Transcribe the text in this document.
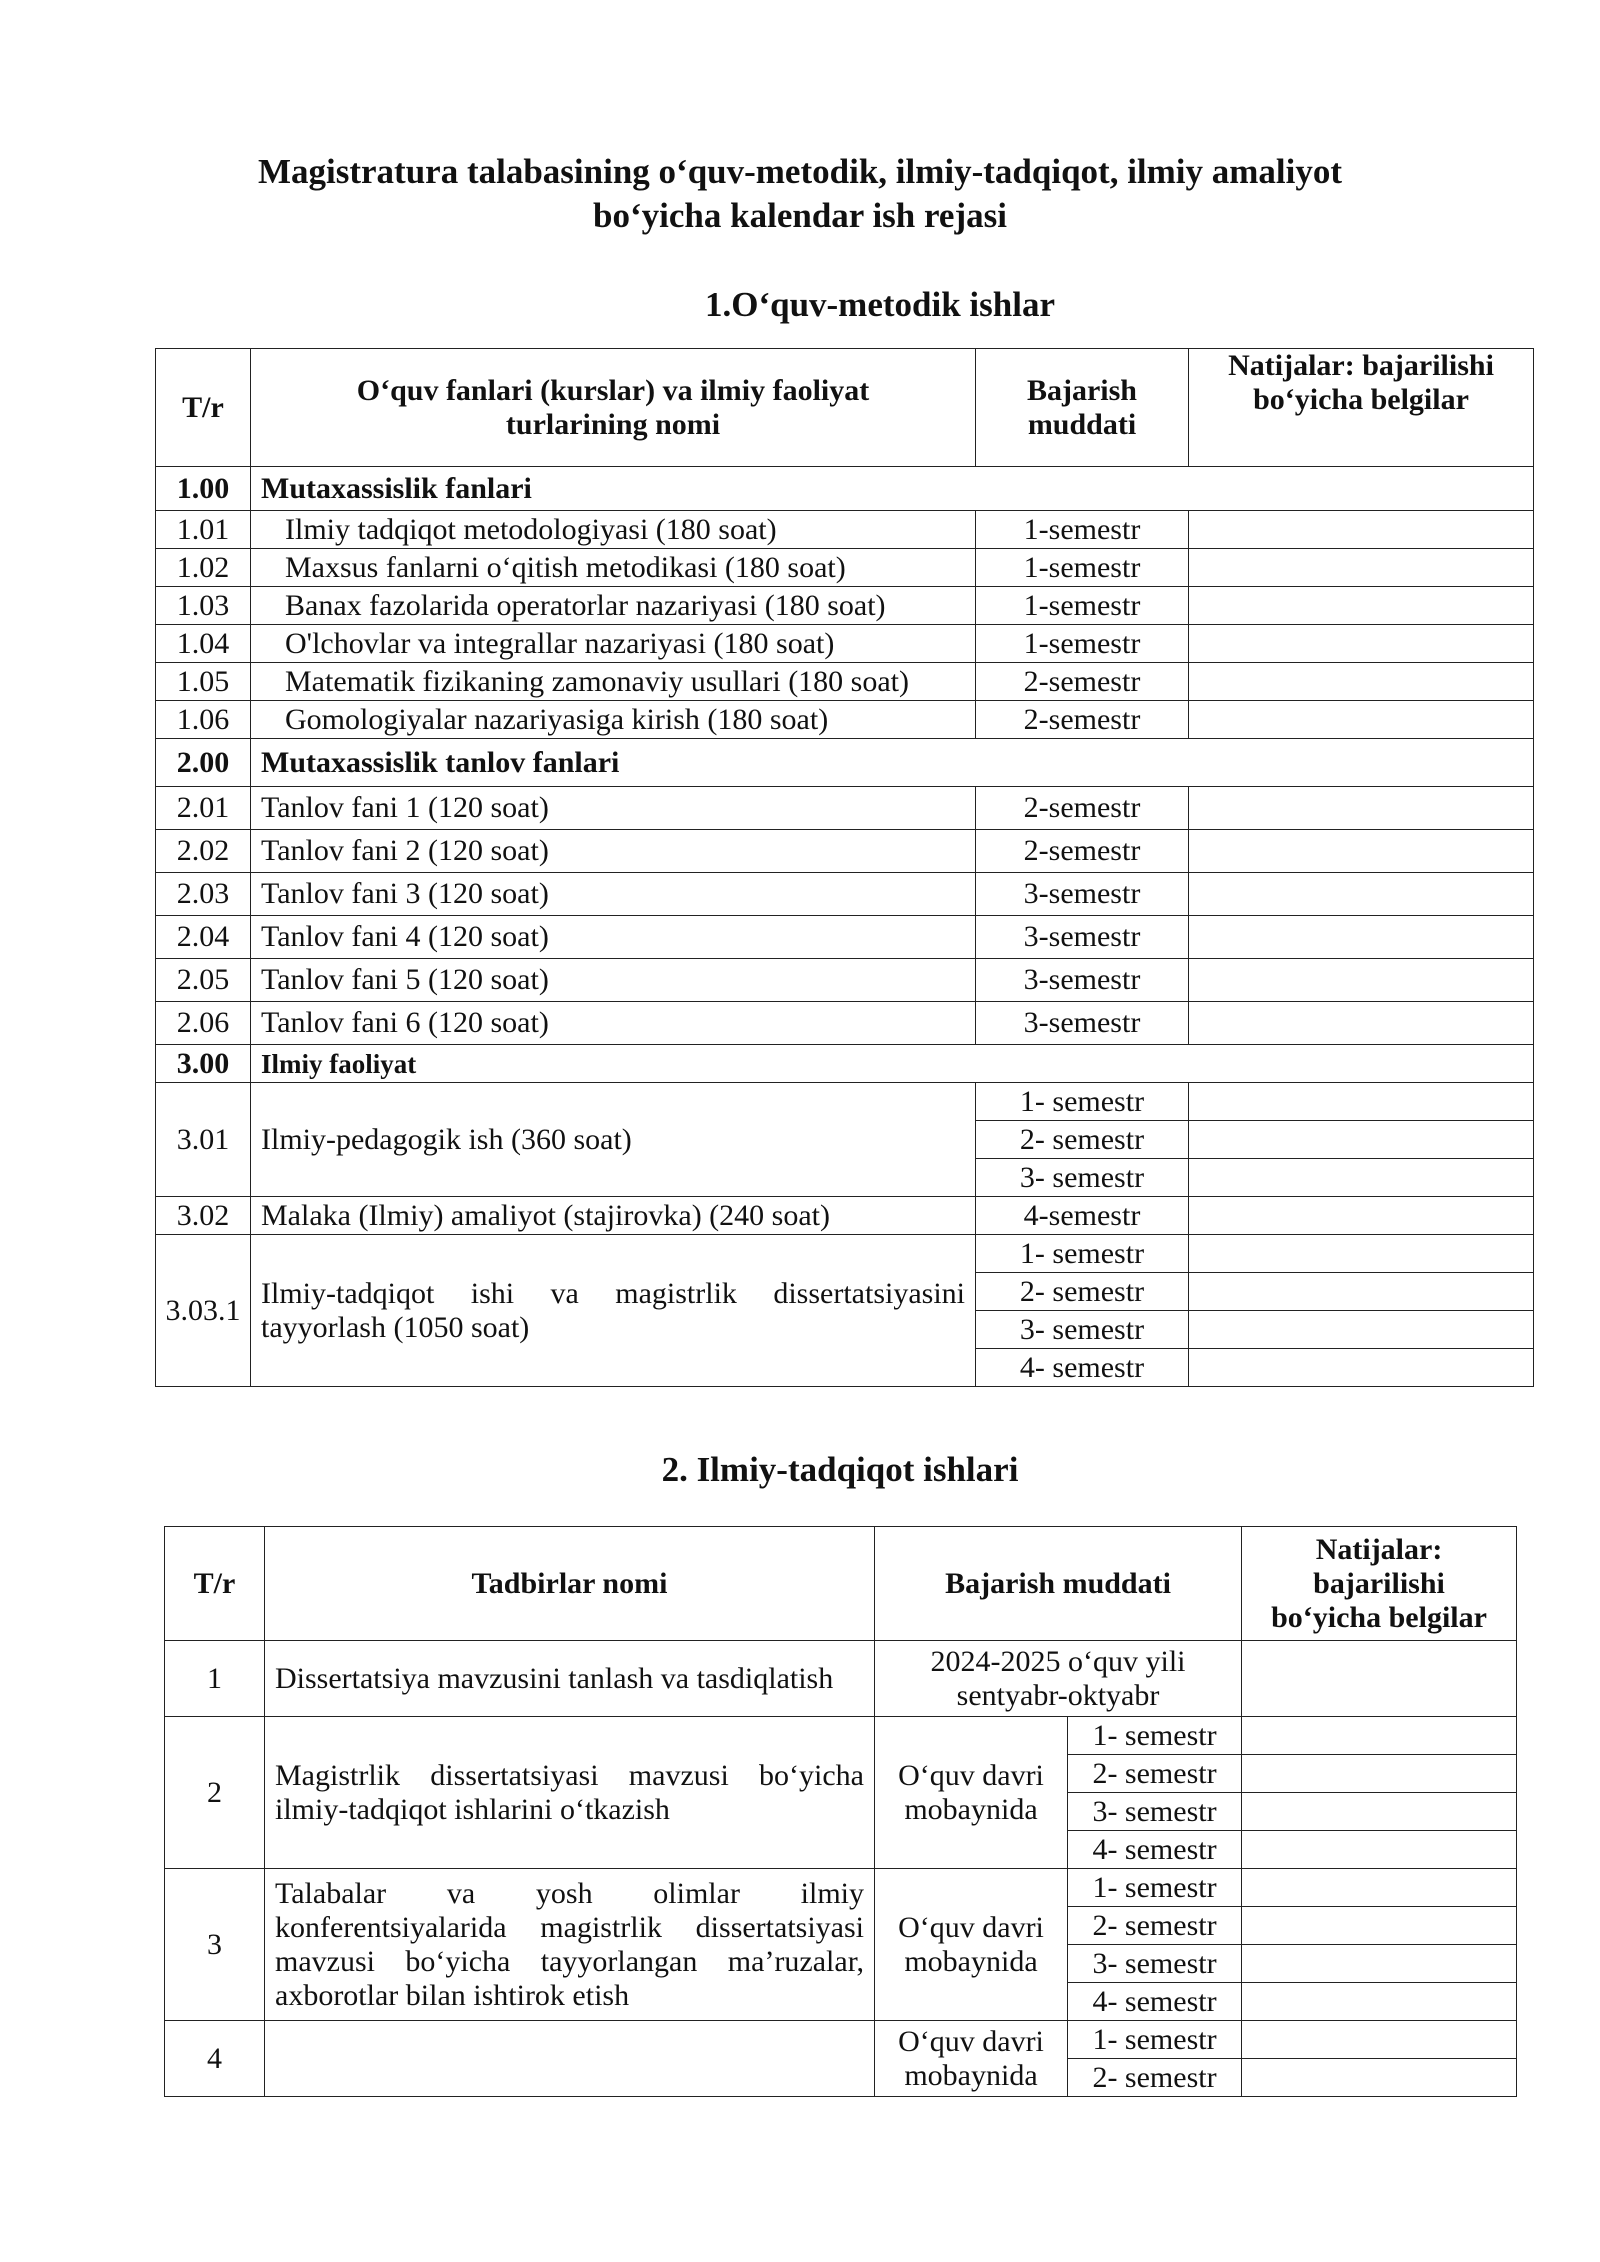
Magistratura talabasining o‘quv-metodik, ilmiy-tadqiqot, ilmiy amaliyot
bo‘yicha kalendar ish rejasi
1.O‘quv-metodik ishlar
T/r	O‘quv fanlari (kurslar) va ilmiy faoliyat turlarining nomi	Bajarish muddati	Natijalar: bajarilishi bo‘yicha belgilar
1.00	Mutaxassislik fanlari		
1.01	Ilmiy tadqiqot metodologiyasi (180 soat)	1-semestr	
1.02	Maxsus fanlarni o‘qitish metodikasi (180 soat)	1-semestr	
1.03	Banax fazolarida operatorlar nazariyasi (180 soat)	1-semestr	
1.04	O'lchovlar va integrallar nazariyasi (180 soat)	1-semestr	
1.05	Matematik fizikaning zamonaviy usullari (180 soat)	2-semestr	
1.06	Gomologiyalar nazariyasiga kirish (180 soat)	2-semestr	
2.00	Mutaxassislik tanlov fanlari		
2.01	Tanlov fani 1 (120 soat)	2-semestr	
2.02	Tanlov fani 2 (120 soat)	2-semestr	
2.03	Tanlov fani 3 (120 soat)	3-semestr	
2.04	Tanlov fani 4 (120 soat)	3-semestr	
2.05	Tanlov fani 5 (120 soat)	3-semestr	
2.06	Tanlov fani 6 (120 soat)	3-semestr	
3.00	Ilmiy faoliyat		
3.01	Ilmiy-pedagogik ish (360 soat)	1- semestr	
		2- semestr	
		3- semestr	
3.02	Malaka (Ilmiy) amaliyot (stajirovka) (240 soat)	4-semestr	
3.03.1	Ilmiy-tadqiqot ishi va magistrlik dissertatsiyasini tayyorlash (1050 soat)	1- semestr	
		2- semestr	
		3- semestr	
		4- semestr	
2. Ilmiy-tadqiqot ishlari
T/r	Tadbirlar nomi	Bajarish muddati		Natijalar: bajarilishi bo‘yicha belgilar
1	Dissertatsiya mavzusini tanlash va tasdiqlatish	2024-2025 o‘quv yili sentyabr-oktyabr		
2	Magistrlik dissertatsiyasi mavzusi bo‘yicha ilmiy-tadqiqot ishlarini o‘tkazish	O‘quv davri mobaynida	1- semestr	
			2- semestr	
			3- semestr	
			4- semestr	
3	Talabalar va yosh olimlar ilmiy konferentsiyalarida magistrlik dissertatsiyasi mavzusi bo‘yicha tayyorlangan ma’ruzalar, axborotlar bilan ishtirok etish	O‘quv davri mobaynida	1- semestr	
			2- semestr	
			3- semestr	
			4- semestr	
4		O‘quv davri mobaynida	1- semestr	
			2- semestr	
